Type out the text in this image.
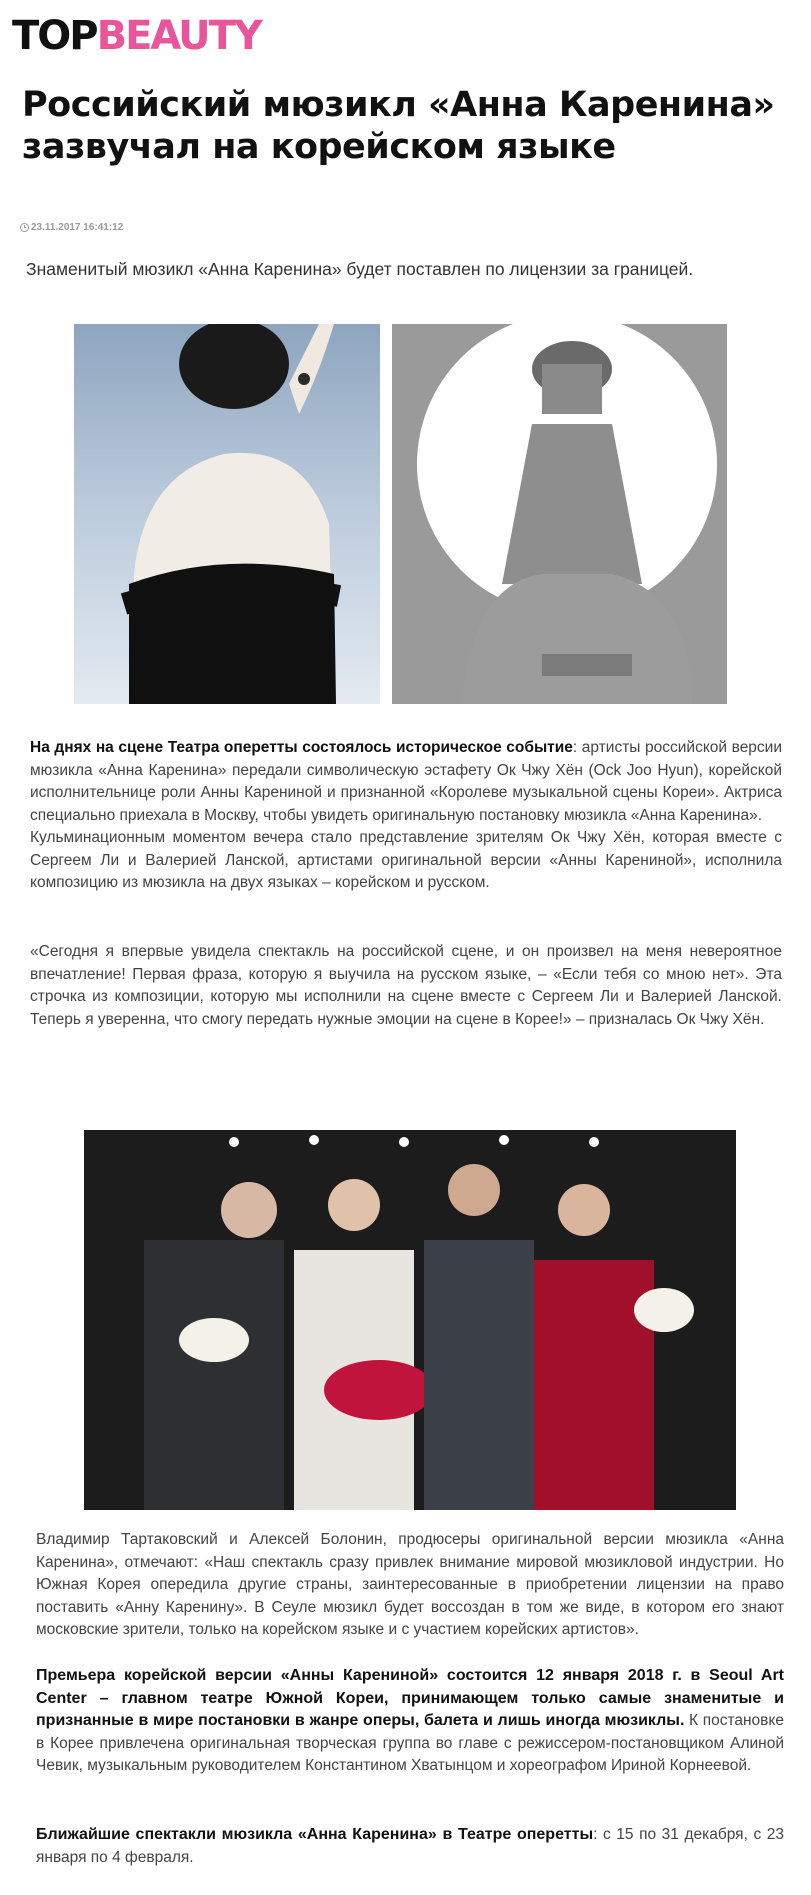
TOPBEAUTY
Российский мюзикл «Анна Каренина» зазвучал на корейском языке
23.11.2017 16:41:12
Знаменитый мюзикл «Анна Каренина» будет поставлен по лицензии за границей.

На днях на сцене Театра оперетты состоялось историческое событие: артисты российской версии мюзикла «Анна Каренина» передали символическую эстафету Ок Чжу Хён (Ock Joo Hyun), корейской исполнительнице роли Анны Карениной и признанной «Королеве музыкальной сцены Кореи». Актриса специально приехала в Москву, чтобы увидеть оригинальную постановку мюзикла «Анна Каренина».
Кульминационным моментом вечера стало представление зрителям Ок Чжу Хён, которая вместе с Сергеем Ли и Валерией Ланской, артистами оригинальной версии «Анны Карениной», исполнила композицию из мюзикла на двух языках – корейском и русском.

«Сегодня я впервые увидела спектакль на российской сцене, и он произвел на меня невероятное впечатление! Первая фраза, которую я выучила на русском языке, – «Если тебя со мною нет». Эта строчка из композиции, которую мы исполнили на сцене вместе с Сергеем Ли и Валерией Ланской. Теперь я уверенна, что смогу передать нужные эмоции на сцене в Корее!» – призналась Ок Чжу Хён.

Владимир Тартаковский и Алексей Болонин, продюсеры оригинальной версии мюзикла «Анна Каренина», отмечают: «Наш спектакль сразу привлек внимание мировой мюзикловой индустрии. Но Южная Корея опередила другие страны, заинтересованные в приобретении лицензии на право поставить «Анну Каренину». В Сеуле мюзикл будет воссоздан в том же виде, в котором его знают московские зрители, только на корейском языке и с участием корейских артистов».

Премьера корейской версии «Анны Карениной» состоится 12 января 2018 г. в Seoul Art Center – главном театре Южной Кореи, принимающем только самые знаменитые и признанные в мире постановки в жанре оперы, балета и лишь иногда мюзиклы. К постановке в Корее привлечена оригинальная творческая группа во главе с режиссером-постановщиком Алиной Чевик, музыкальным руководителем Константином Хватынцом и хореографом Ириной Корнеевой.

Ближайшие спектакли мюзикла «Анна Каренина» в Театре оперетты: с 15 по 31 декабря, с 23 января по 4 февраля.
